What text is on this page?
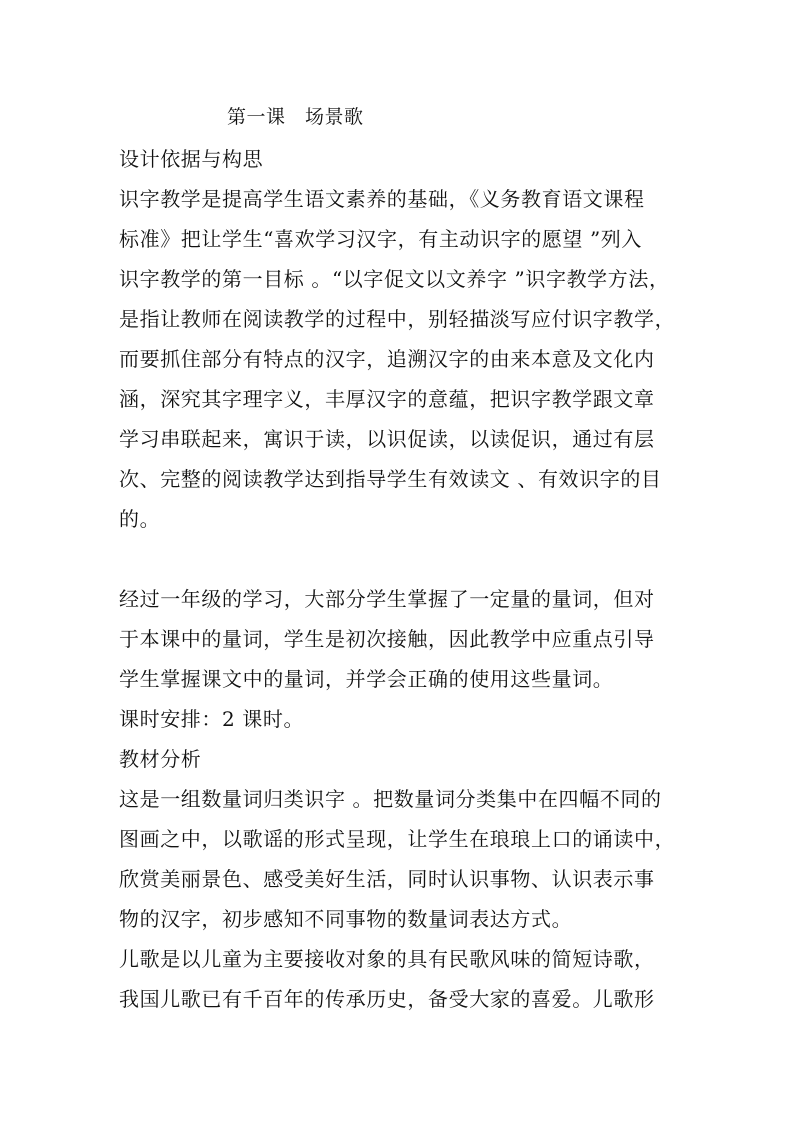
第一课　场景歌
设计依据与构思
识字教学是提高学生语文素养的基础，《义务教育语文课程
标准》把让学生“喜欢学习汉字，有主动识字的愿望 ”列入
识字教学的第一目标 。“以字促文以文养字 ”识字教学方法，
是指让教师在阅读教学的过程中，别轻描淡写应付识字教学，
而要抓住部分有特点的汉字，追溯汉字的由来本意及文化内
涵，深究其字理字义，丰厚汉字的意蕴，把识字教学跟文章
学习串联起来，寓识于读，以识促读，以读促识，通过有层
次、完整的阅读教学达到指导学生有效读文 、有效识字的目
的。
经过一年级的学习，大部分学生掌握了一定量的量词，但对
于本课中的量词，学生是初次接触，因此教学中应重点引导
学生掌握课文中的量词，并学会正确的使用这些量词。
课时安排：2 课时。
教材分析
这是一组数量词归类识字 。把数量词分类集中在四幅不同的
图画之中，以歌谣的形式呈现，让学生在琅琅上口的诵读中，
欣赏美丽景色、感受美好生活，同时认识事物、认识表示事
物的汉字，初步感知不同事物的数量词表达方式。
儿歌是以儿童为主要接收对象的具有民歌风味的简短诗歌，
我国儿歌已有千百年的传承历史，备受大家的喜爱。儿歌形
